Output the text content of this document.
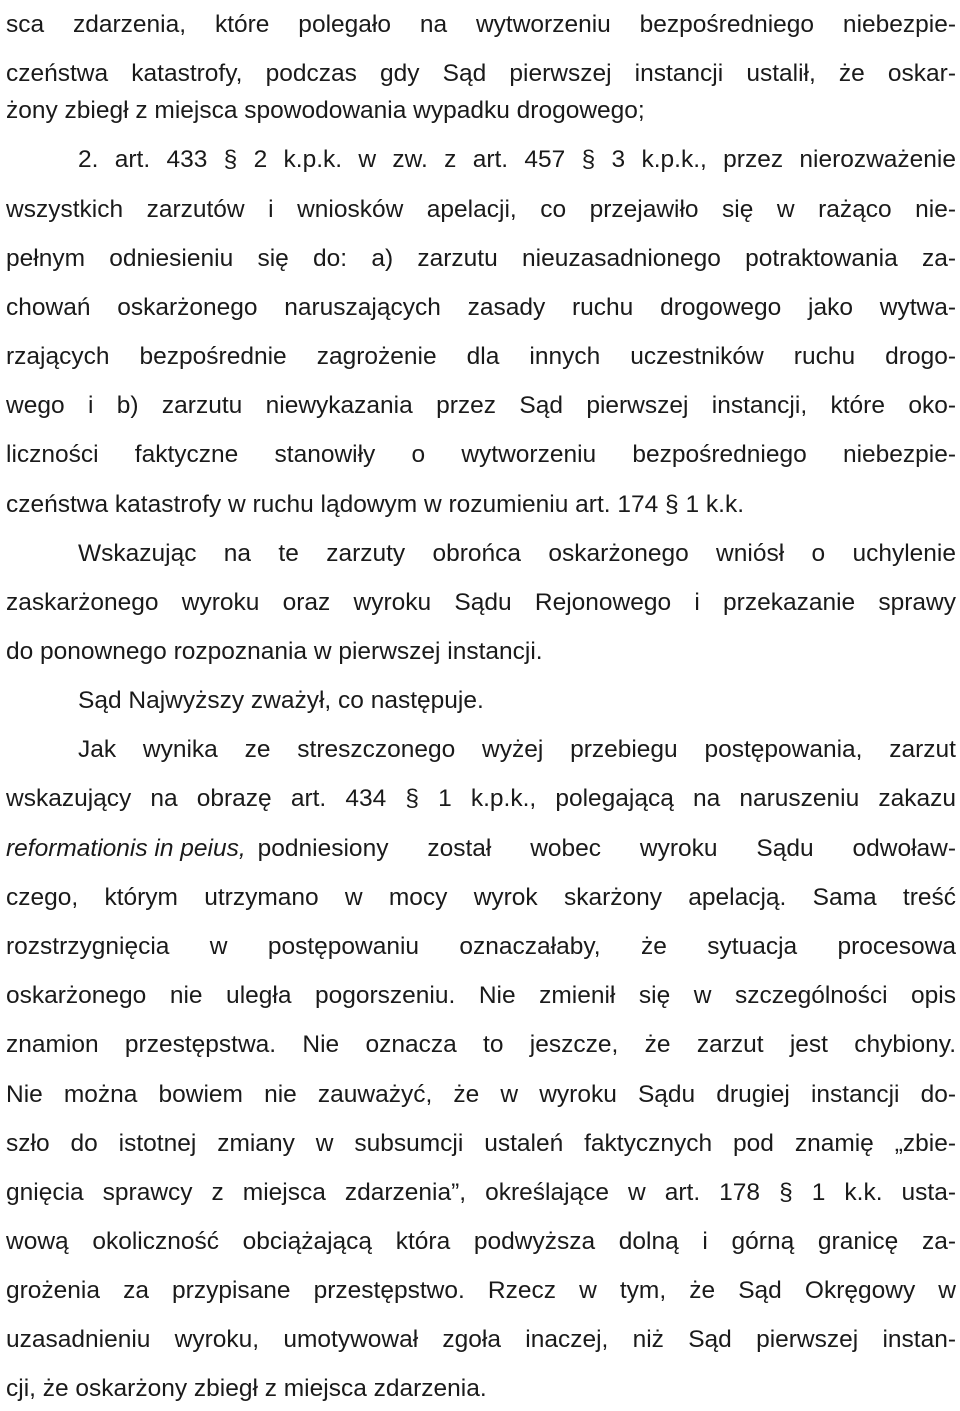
sca zdarzenia, które polegało na wytworzeniu bezpośredniego niebezpie-
czeństwa katastrofy, podczas gdy Sąd pierwszej instancji ustalił, że oskar-
żony zbiegł z miejsca spowodowania wypadku drogowego;
2. art. 433 § 2 k.p.k. w zw. z art. 457 § 3 k.p.k., przez nierozważenie
wszystkich zarzutów i wniosków apelacji, co przejawiło się w rażąco nie-
pełnym odniesieniu się do: a) zarzutu nieuzasadnionego potraktowania za-
chowań oskarżonego naruszających zasady ruchu drogowego jako wytwa-
rzających bezpośrednie zagrożenie dla innych uczestników ruchu drogo-
wego i b) zarzutu niewykazania przez Sąd pierwszej instancji, które oko-
liczności faktyczne stanowiły o wytworzeniu bezpośredniego niebezpie-
czeństwa katastrofy w ruchu lądowym w rozumieniu art. 174 § 1 k.k.
Wskazując na te zarzuty obrońca oskarżonego wniósł o uchylenie
zaskarżonego wyroku oraz wyroku Sądu Rejonowego i przekazanie sprawy
do ponownego rozpoznania w pierwszej instancji.
Sąd Najwyższy zważył, co następuje.
Jak wynika ze streszczonego wyżej przebiegu postępowania, zarzut
wskazujący na obrazę art. 434 § 1 k.p.k., polegającą na naruszeniu zakazu
reformationis in peius, podniesiony został wobec wyroku Sądu odwoław-
czego, którym utrzymano w mocy wyrok skarżony apelacją. Sama treść
rozstrzygnięcia w postępowaniu oznaczałaby, że sytuacja procesowa
oskarżonego nie uległa pogorszeniu. Nie zmienił się w szczególności opis
znamion przestępstwa. Nie oznacza to jeszcze, że zarzut jest chybiony.
Nie można bowiem nie zauważyć, że w wyroku Sądu drugiej instancji do-
szło do istotnej zmiany w subsumcji ustaleń faktycznych pod znamię „zbie-
gnięcia sprawcy z miejsca zdarzenia”, określające w art. 178 § 1 k.k. usta-
wową okoliczność obciążającą która podwyższa dolną i górną granicę za-
grożenia za przypisane przestępstwo. Rzecz w tym, że Sąd Okręgowy w
uzasadnieniu wyroku, umotywował zgoła inaczej, niż Sąd pierwszej instan-
cji, że oskarżony zbiegł z miejsca zdarzenia.
